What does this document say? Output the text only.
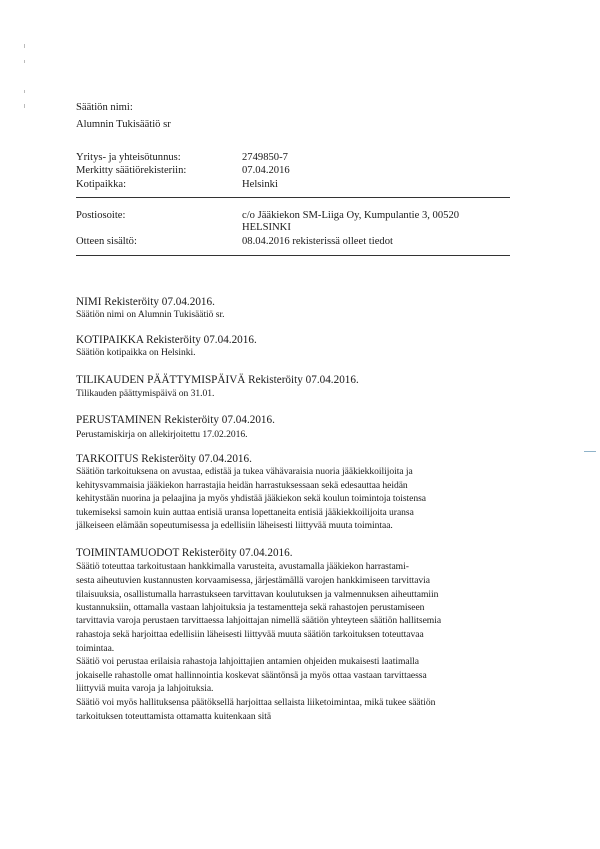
Säätiön nimi:
Alumnin Tukisäätiö sr
Yritys- ja yhteisötunnus:	2749850-7
Merkitty säätiörekisteriin:	07.04.2016
Kotipaikka:	Helsinki
Postiosoite:	c/o Jääkiekon SM-Liiga Oy, Kumpulantie 3, 00520
HELSINKI
Otteen sisältö:	08.04.2016 rekisterissä olleet tiedot
NIMI Rekisteröity 07.04.2016.
Säätiön nimi on Alumnin Tukisäätiö sr.
KOTIPAIKKA Rekisteröity 07.04.2016.
Säätiön kotipaikka on Helsinki.
TILIKAUDEN PÄÄTTYMISPÄIVÄ Rekisteröity 07.04.2016.
Tilikauden päättymispäivä on 31.01.
PERUSTAMINEN Rekisteröity 07.04.2016.
Perustamiskirja on allekirjoitettu 17.02.2016.
TARKOITUS Rekisteröity 07.04.2016.
Säätiön tarkoituksena on avustaa, edistää ja tukea vähävaraisia nuoria jääkiekkoilijoita ja
kehitysvammaisia jääkiekon harrastajia heidän harrastuksessaan sekä edesauttaa heidän
kehitystään nuorina ja pelaajina ja myös yhdistää jääkiekon sekä koulun toimintoja toistensa
tukemiseksi samoin kuin auttaa entisiä uransa lopettaneita entisiä jääkiekkoilijoita uransa
jälkeiseen elämään sopeutumisessa ja edellisiin läheisesti liittyvää muuta toimintaa.
TOIMINTAMUODOT Rekisteröity 07.04.2016.
Säätiö toteuttaa tarkoitustaan hankkimalla varusteita, avustamalla jääkiekon harrastami-
sesta aiheutuvien kustannusten korvaamisessa, järjestämällä varojen hankkimiseen tarvittavia
tilaisuuksia, osallistumalla harrastukseen tarvittavan koulutuksen ja valmennuksen aiheuttamiin
kustannuksiin, ottamalla vastaan lahjoituksia ja testamentteja sekä rahastojen perustamiseen
tarvittavia varoja perustaen tarvittaessa lahjoittajan nimellä säätiön yhteyteen säätiön hallitsemia
rahastoja sekä harjoittaa edellisiin läheisesti liittyvää muuta säätiön tarkoituksen toteuttavaa
toimintaa.
Säätiö voi perustaa erilaisia rahastoja lahjoittajien antamien ohjeiden mukaisesti laatimalla
jokaiselle rahastolle omat hallinnointia koskevat sääntönsä ja myös ottaa vastaan tarvittaessa
liittyviä muita varoja ja lahjoituksia.
Säätiö voi myös hallituksensa päätöksellä harjoittaa sellaista liiketoimintaa, mikä tukee säätiön
tarkoituksen toteuttamista ottamatta kuitenkaan sitä
